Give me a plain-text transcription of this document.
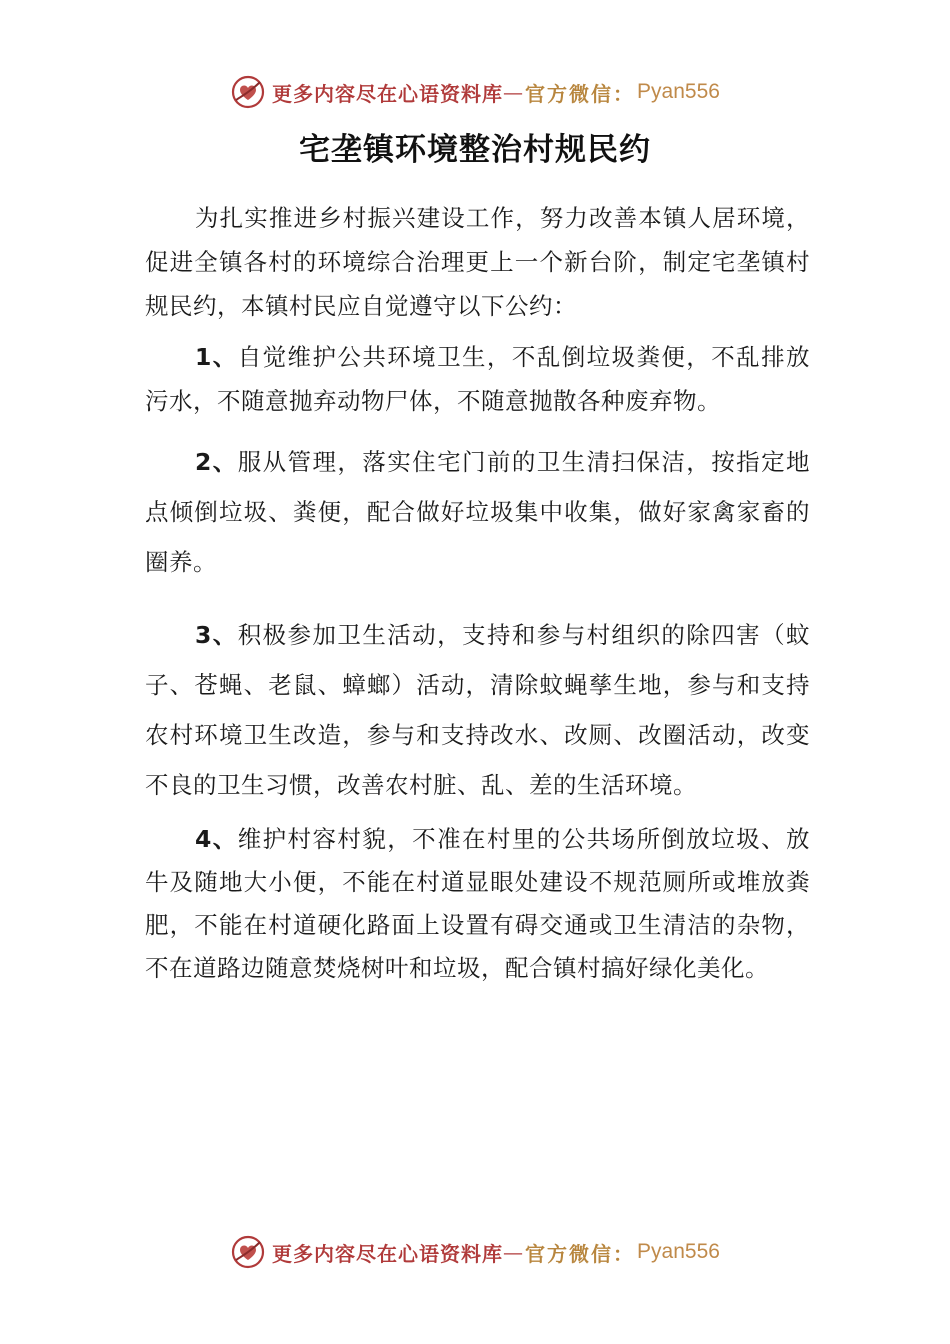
更多内容尽在心语资料库 — 官方微信： Pyan556
宅垄镇环境整治村规民约
为扎实推进乡村振兴建设工作，努力改善本镇人居环境，促进全镇各村的环境综合治理更上一个新台阶，制定宅垄镇村规民约，本镇村民应自觉遵守以下公约：
1、自觉维护公共环境卫生，不乱倒垃圾粪便，不乱排放污水，不随意抛弃动物尸体，不随意抛散各种废弃物。
2、服从管理，落实住宅门前的卫生清扫保洁，按指定地点倾倒垃圾、粪便，配合做好垃圾集中收集，做好家禽家畜的圈养。
3、积极参加卫生活动，支持和参与村组织的除四害（蚊子、苍蝇、老鼠、蟑螂）活动，清除蚊蝇孳生地，参与和支持农村环境卫生改造，参与和支持改水、改厕、改圈活动，改变不良的卫生习惯，改善农村脏、乱、差的生活环境。
4、维护村容村貌，不准在村里的公共场所倒放垃圾、放牛及随地大小便，不能在村道显眼处建设不规范厕所或堆放粪肥，不能在村道硬化路面上设置有碍交通或卫生清洁的杂物，不在道路边随意焚烧树叶和垃圾，配合镇村搞好绿化美化。
更多内容尽在心语资料库 — 官方微信： Pyan556
